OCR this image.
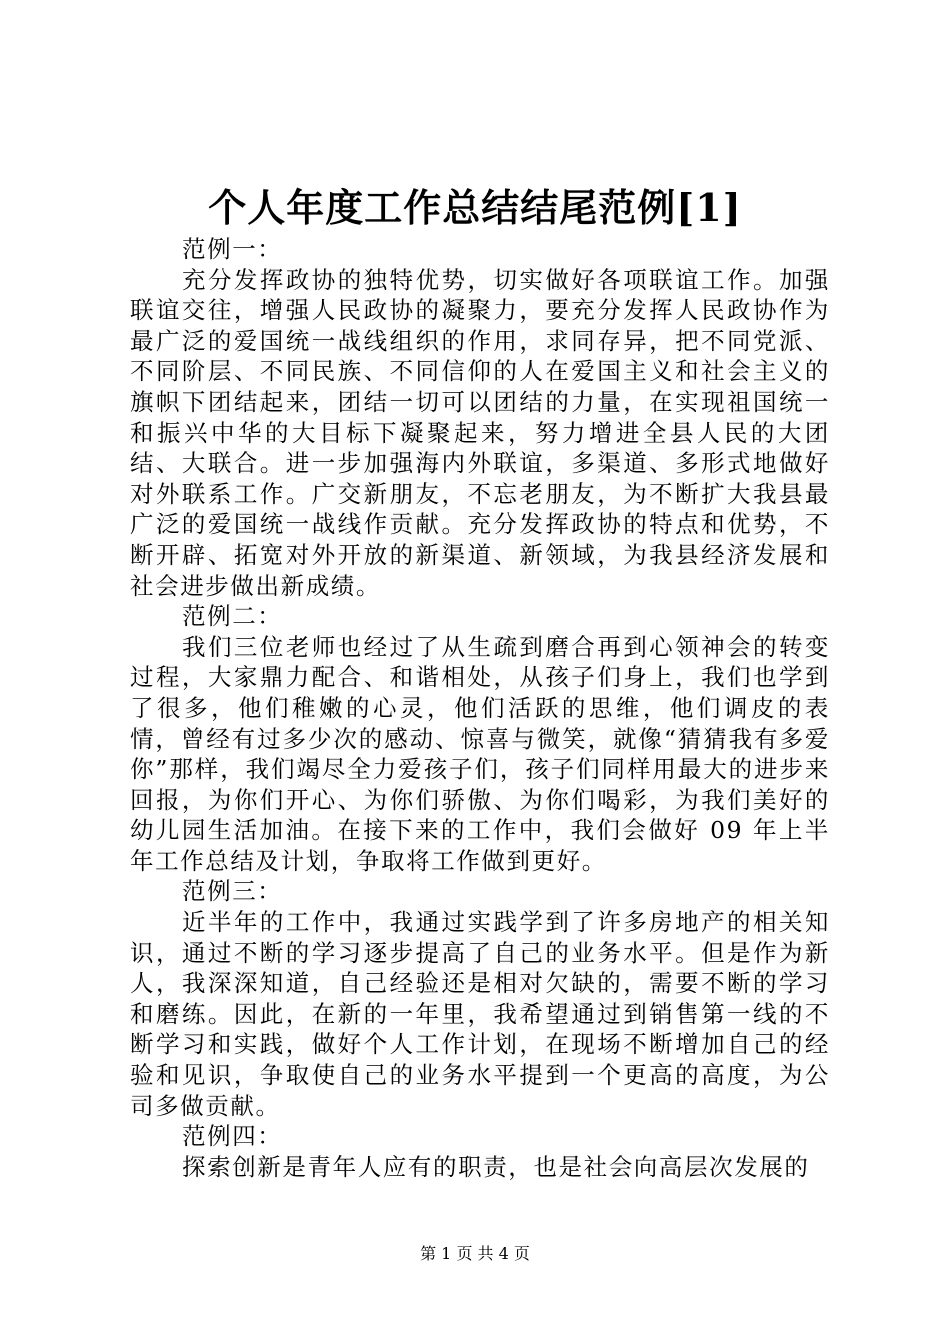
个人年度工作总结结尾范例[1]

范例一：

充分发挥政协的独特优势，切实做好各项联谊工作。加强联谊交往，增强人民政协的凝聚力，要充分发挥人民政协作为最广泛的爱国统一战线组织的作用，求同存异，把不同党派、不同阶层、不同民族、不同信仰的人在爱国主义和社会主义的旗帜下团结起来，团结一切可以团结的力量，在实现祖国统一和振兴中华的大目标下凝聚起来，努力增进全县人民的大团结、大联合。进一步加强海内外联谊，多渠道、多形式地做好对外联系工作。广交新朋友，不忘老朋友，为不断扩大我县最广泛的爱国统一战线作贡献。充分发挥政协的特点和优势，不断开辟、拓宽对外开放的新渠道、新领域，为我县经济发展和社会进步做出新成绩。

范例二：

我们三位老师也经过了从生疏到磨合再到心领神会的转变过程，大家鼎力配合、和谐相处，从孩子们身上，我们也学到了很多，他们稚嫩的心灵，他们活跃的思维，他们调皮的表情，曾经有过多少次的感动、惊喜与微笑，就像“猜猜我有多爱你”那样，我们竭尽全力爱孩子们，孩子们同样用最大的进步来回报，为你们开心、为你们骄傲、为你们喝彩，为我们美好的幼儿园生活加油。在接下来的工作中，我们会做好 09 年上半年工作总结及计划，争取将工作做到更好。

范例三：

近半年的工作中，我通过实践学到了许多房地产的相关知识，通过不断的学习逐步提高了自己的业务水平。但是作为新人，我深深知道，自己经验还是相对欠缺的，需要不断的学习和磨练。因此，在新的一年里，我希望通过到销售第一线的不断学习和实践，做好个人工作计划，在现场不断增加自己的经验和见识，争取使自己的业务水平提到一个更高的高度，为公司多做贡献。

范例四：

探索创新是青年人应有的职责，也是社会向高层次发展的

第 1 页 共 4 页
